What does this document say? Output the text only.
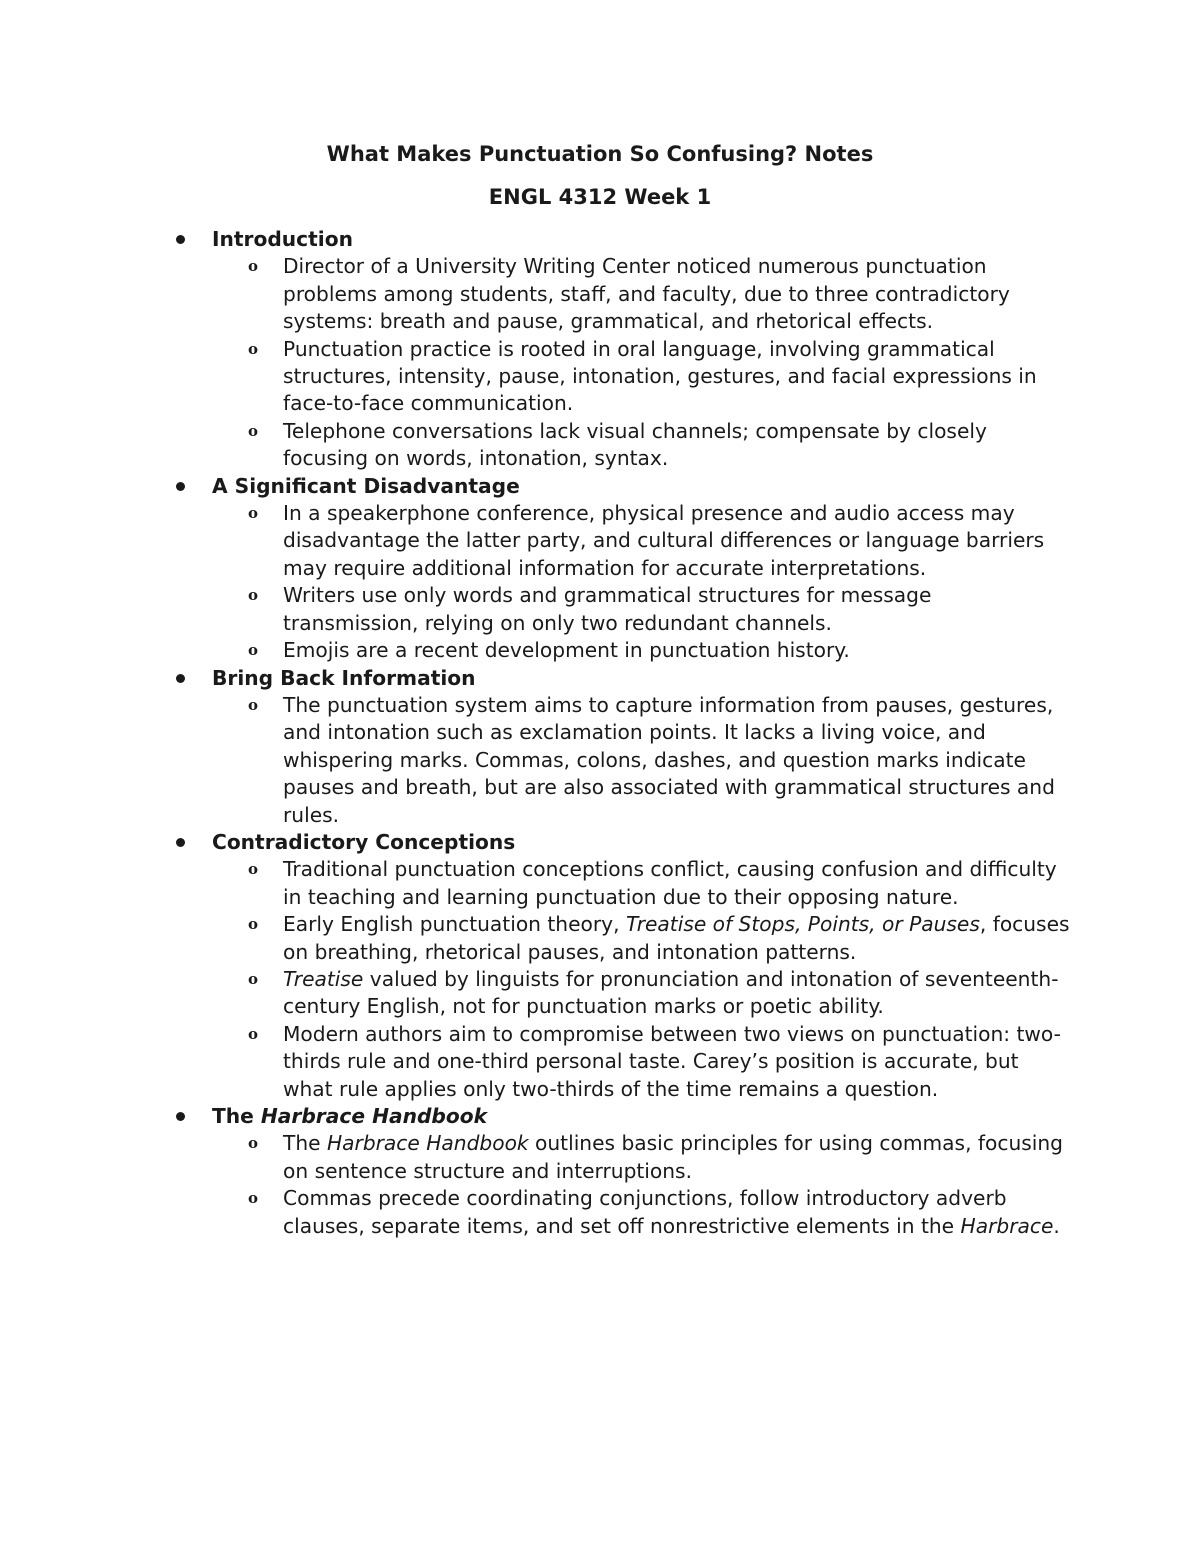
What Makes Punctuation So Confusing? Notes
ENGL 4312 Week 1
Introduction
o Director of a University Writing Center noticed numerous punctuation problems among students, staff, and faculty, due to three contradictory systems: breath and pause, grammatical, and rhetorical effects.
o Punctuation practice is rooted in oral language, involving grammatical structures, intensity, pause, intonation, gestures, and facial expressions in face-to-face communication.
o Telephone conversations lack visual channels; compensate by closely focusing on words, intonation, syntax.
A Significant Disadvantage
o In a speakerphone conference, physical presence and audio access may disadvantage the latter party, and cultural differences or language barriers may require additional information for accurate interpretations.
o Writers use only words and grammatical structures for message transmission, relying on only two redundant channels.
o Emojis are a recent development in punctuation history.
Bring Back Information
o The punctuation system aims to capture information from pauses, gestures, and intonation such as exclamation points. It lacks a living voice, and whispering marks. Commas, colons, dashes, and question marks indicate pauses and breath, but are also associated with grammatical structures and rules.
Contradictory Conceptions
o Traditional punctuation conceptions conflict, causing confusion and difficulty in teaching and learning punctuation due to their opposing nature.
o Early English punctuation theory, Treatise of Stops, Points, or Pauses, focuses on breathing, rhetorical pauses, and intonation patterns.
o Treatise valued by linguists for pronunciation and intonation of seventeenth-century English, not for punctuation marks or poetic ability.
o Modern authors aim to compromise between two views on punctuation: two-thirds rule and one-third personal taste. Carey’s position is accurate, but what rule applies only two-thirds of the time remains a question.
The Harbrace Handbook
o The Harbrace Handbook outlines basic principles for using commas, focusing on sentence structure and interruptions.
o Commas precede coordinating conjunctions, follow introductory adverb clauses, separate items, and set off nonrestrictive elements in the Harbrace.
